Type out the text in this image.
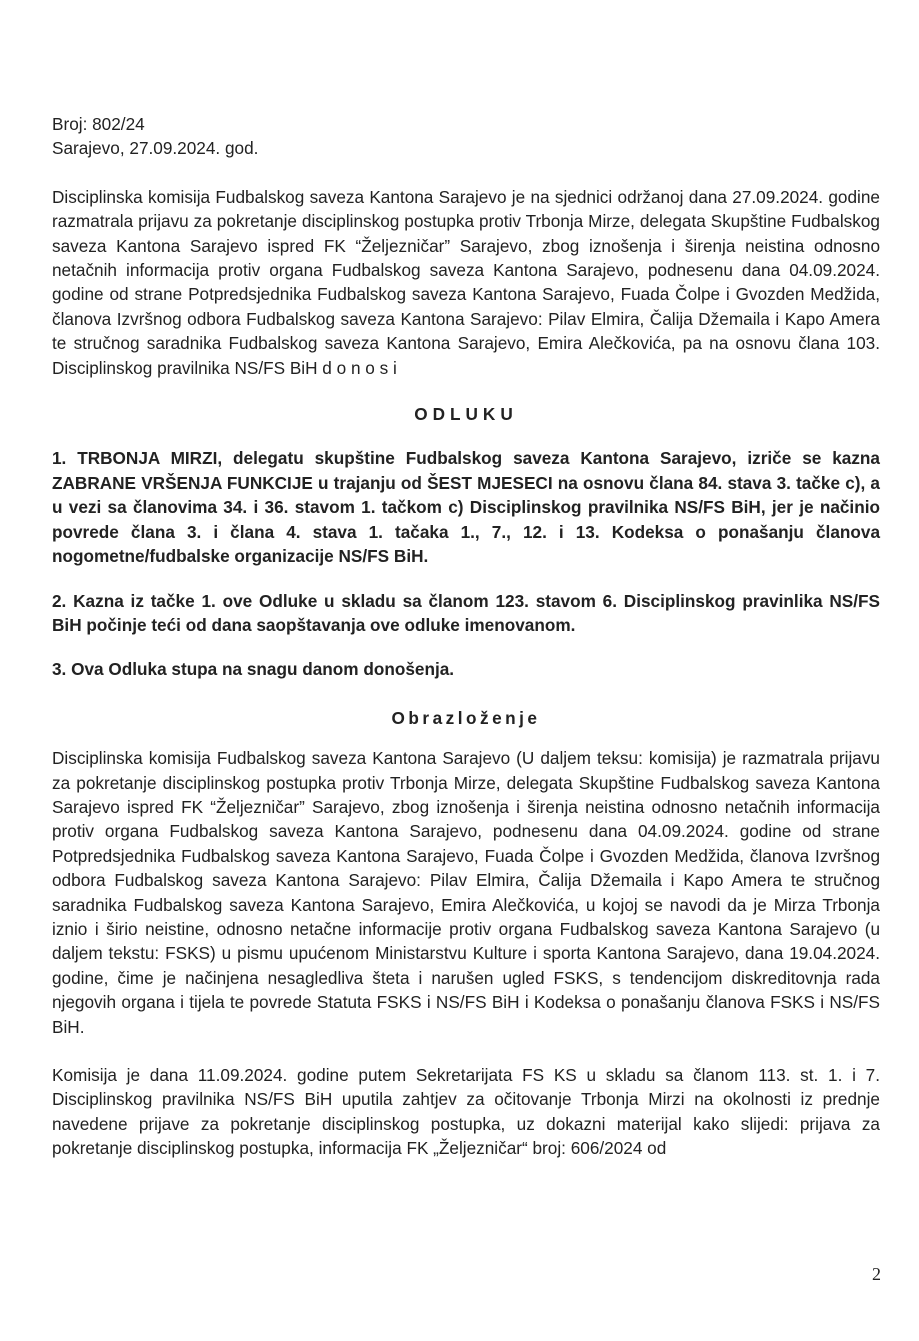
Broj: 802/24

Sarajevo, 27.09.2024. god.

Disciplinska komisija Fudbalskog saveza Kantona Sarajevo je na sjednici održanoj dana 27.09.2024. godine razmatrala prijavu za pokretanje disciplinskog postupka protiv Trbonja Mirze, delegata Skupštine Fudbalskog saveza Kantona Sarajevo ispred FK “Željezničar” Sarajevo, zbog iznošenja i širenja neistina odnosno netačnih informacija protiv organa Fudbalskog saveza Kantona Sarajevo, podnesenu dana 04.09.2024. godine od strane Potpredsjednika Fudbalskog saveza Kantona Sarajevo, Fuada Čolpe i Gvozden Medžida, članova Izvršnog odbora Fudbalskog saveza Kantona Sarajevo: Pilav Elmira, Čalija Džemaila i Kapo Amera te stručnog saradnika Fudbalskog saveza Kantona Sarajevo, Emira Alečkovića, pa na osnovu člana 103. Disciplinskog pravilnika NS/FS BiH d o n o s i

ODLUKU

1. TRBONJA MIRZI, delegatu skupštine Fudbalskog saveza Kantona Sarajevo, izriče se kazna ZABRANE VRŠENJA FUNKCIJE u trajanju od ŠEST MJESECI na osnovu člana 84. stava 3. tačke c), a u vezi sa članovima 34. i 36. stavom 1. tačkom c) Disciplinskog pravilnika NS/FS BiH, jer je načinio povrede člana 3. i člana 4. stava 1. tačaka 1., 7., 12. i 13. Kodeksa o ponašanju članova nogometne/fudbalske organizacije NS/FS BiH.

2. Kazna iz tačke 1. ove Odluke u skladu sa članom 123. stavom 6. Disciplinskog pravinlika NS/FS BiH počinje teći od dana saopštavanja ove odluke imenovanom.

3. Ova Odluka stupa na snagu danom donošenja.

Obrazloženje

Disciplinska komisija Fudbalskog saveza Kantona Sarajevo (U daljem teksu: komisija) je razmatrala prijavu za pokretanje disciplinskog postupka protiv Trbonja Mirze, delegata Skupštine Fudbalskog saveza Kantona Sarajevo ispred FK “Željezničar” Sarajevo, zbog iznošenja i širenja neistina odnosno netačnih informacija protiv organa Fudbalskog saveza Kantona Sarajevo, podnesenu dana 04.09.2024. godine od strane Potpredsjednika Fudbalskog saveza Kantona Sarajevo, Fuada Čolpe i Gvozden Medžida, članova Izvršnog odbora Fudbalskog saveza Kantona Sarajevo: Pilav Elmira, Čalija Džemaila i Kapo Amera te stručnog saradnika Fudbalskog saveza Kantona Sarajevo, Emira Alečkovića, u kojoj se navodi da je Mirza Trbonja iznio i širio neistine, odnosno netačne informacije protiv organa Fudbalskog saveza Kantona Sarajevo (u daljem tekstu: FSKS) u pismu upućenom Ministarstvu Kulture i sporta Kantona Sarajevo, dana 19.04.2024. godine, čime je načinjena nesagledliva šteta i narušen ugled FSKS, s tendencijom diskreditovnja rada njegovih organa i tijela te povrede Statuta FSKS i NS/FS BiH i Kodeksa o ponašanju članova FSKS i NS/FS BiH.

Komisija je dana 11.09.2024. godine putem Sekretarijata FS KS u skladu sa članom 113. st. 1. i 7. Disciplinskog pravilnika NS/FS BiH uputila zahtjev za očitovanje Trbonja Mirzi na okolnosti iz prednje navedene prijave za pokretanje disciplinskog postupka, uz dokazni materijal kako slijedi: prijava za pokretanje disciplinskog postupka, informacija FK „Željezničar“ broj: 606/2024 od

2
